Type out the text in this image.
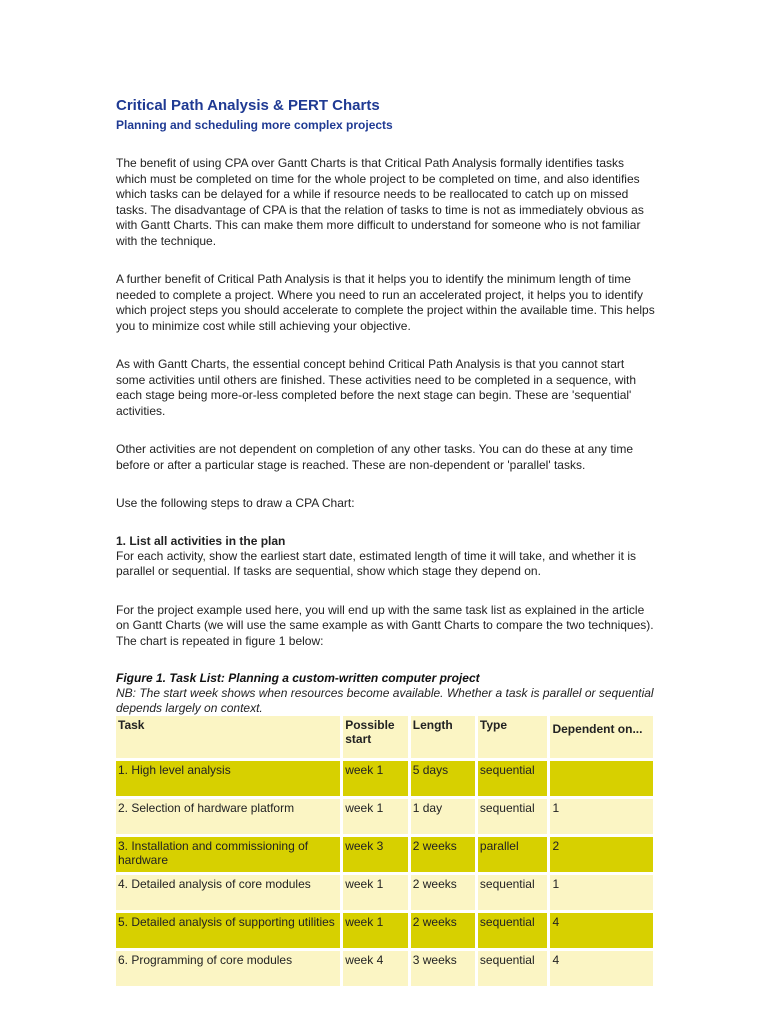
Critical Path Analysis & PERT Charts
Planning and scheduling more complex projects

The benefit of using CPA over Gantt Charts is that Critical Path Analysis formally identifies tasks which must be completed on time for the whole project to be completed on time, and also identifies which tasks can be delayed for a while if resource needs to be reallocated to catch up on missed tasks. The disadvantage of CPA is that the relation of tasks to time is not as immediately obvious as with Gantt Charts. This can make them more difficult to understand for someone who is not familiar with the technique.

A further benefit of Critical Path Analysis is that it helps you to identify the minimum length of time needed to complete a project. Where you need to run an accelerated project, it helps you to identify which project steps you should accelerate to complete the project within the available time. This helps you to minimize cost while still achieving your objective.

As with Gantt Charts, the essential concept behind Critical Path Analysis is that you cannot start some activities until others are finished. These activities need to be completed in a sequence, with each stage being more-or-less completed before the next stage can begin. These are 'sequential' activities.

Other activities are not dependent on completion of any other tasks. You can do these at any time before or after a particular stage is reached. These are non-dependent or 'parallel' tasks.

Use the following steps to draw a CPA Chart:

1. List all activities in the plan

For each activity, show the earliest start date, estimated length of time it will take, and whether it is parallel or sequential. If tasks are sequential, show which stage they depend on.

For the project example used here, you will end up with the same task list as explained in the article on Gantt Charts (we will use the same example as with Gantt Charts to compare the two techniques). The chart is repeated in figure 1 below:

Figure 1. Task List: Planning a custom-written computer project

NB: The start week shows when resources become available. Whether a task is parallel or sequential depends largely on context.

Task	Possible start	Length	Type	Dependent on...

1. High level analysis	week 1	5 days	sequential	

2. Selection of hardware platform	week 1	1 day	sequential	1

3. Installation and commissioning of hardware	week 3	2 weeks	parallel	2

4. Detailed analysis of core modules	week 1	2 weeks	sequential	1

5. Detailed analysis of supporting utilities	week 1	2 weeks	sequential	4

6. Programming of core modules	week 4	3 weeks	sequential	4
